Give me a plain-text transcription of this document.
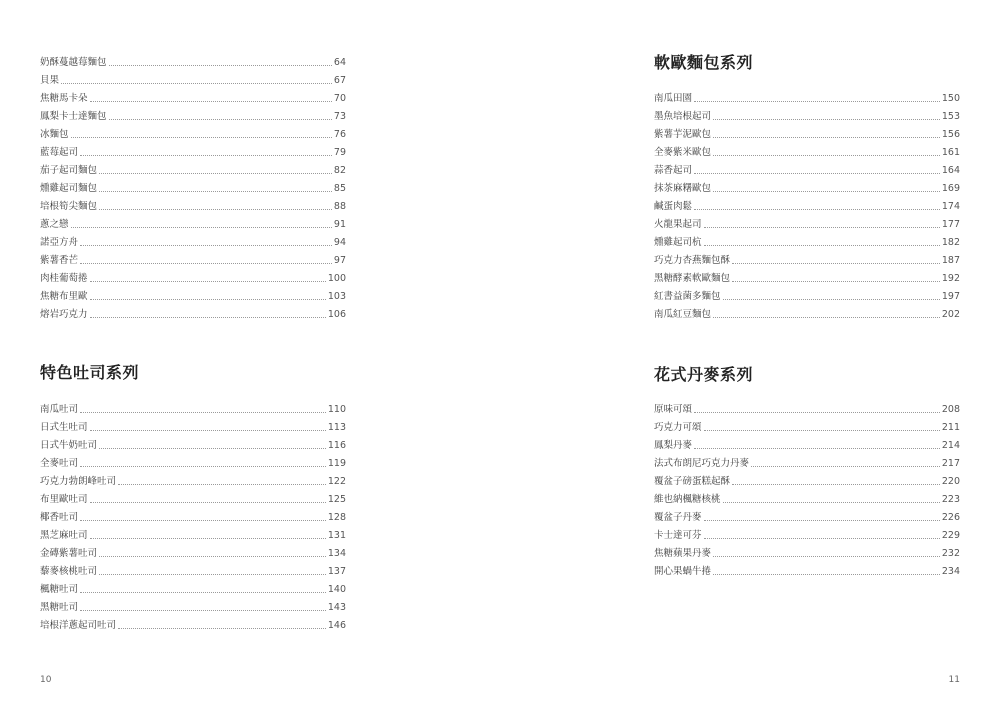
奶酥蔓越莓麵包	64
貝果	67
焦糖馬卡朵	70
鳳梨卡士達麵包	73
冰麵包	76
藍莓起司	79
茄子起司麵包	82
燻雞起司麵包	85
培根筍尖麵包	88
蔥之戀	91
諾亞方舟	94
紫薯香芒	97
肉桂葡萄捲	100
焦糖布里歐	103
熔岩巧克力	106
特色吐司系列
南瓜吐司	110
日式生吐司	113
日式牛奶吐司	116
全麥吐司	119
巧克力勃朗峰吐司	122
布里歐吐司	125
椰香吐司	128
黑芝麻吐司	131
金磚紫薯吐司	134
藜麥核桃吐司	137
楓糖吐司	140
黑糖吐司	143
培根洋蔥起司吐司	146
10
軟歐麵包系列
南瓜田園	150
墨魚培根起司	153
紫薯芋泥歐包	156
全麥紫米歐包	161
蒜香起司	164
抹茶麻糬歐包	169
鹹蛋肉鬆	174
火龍果起司	177
燻雞起司杭	182
巧克力杏燕麵包酥	187
黑糖酵素軟歐麵包	192
紅書益菌多麵包	197
南瓜紅豆麵包	202
花式丹麥系列
原味可頌	208
巧克力可頌	211
鳳梨丹麥	214
法式布朗尼巧克力丹麥	217
覆盆子磅蛋糕起酥	220
維也納楓糖核桃	223
覆盆子丹麥	226
卡士達可芬	229
焦糖蘋果丹麥	232
開心果蝸牛捲	234
11
